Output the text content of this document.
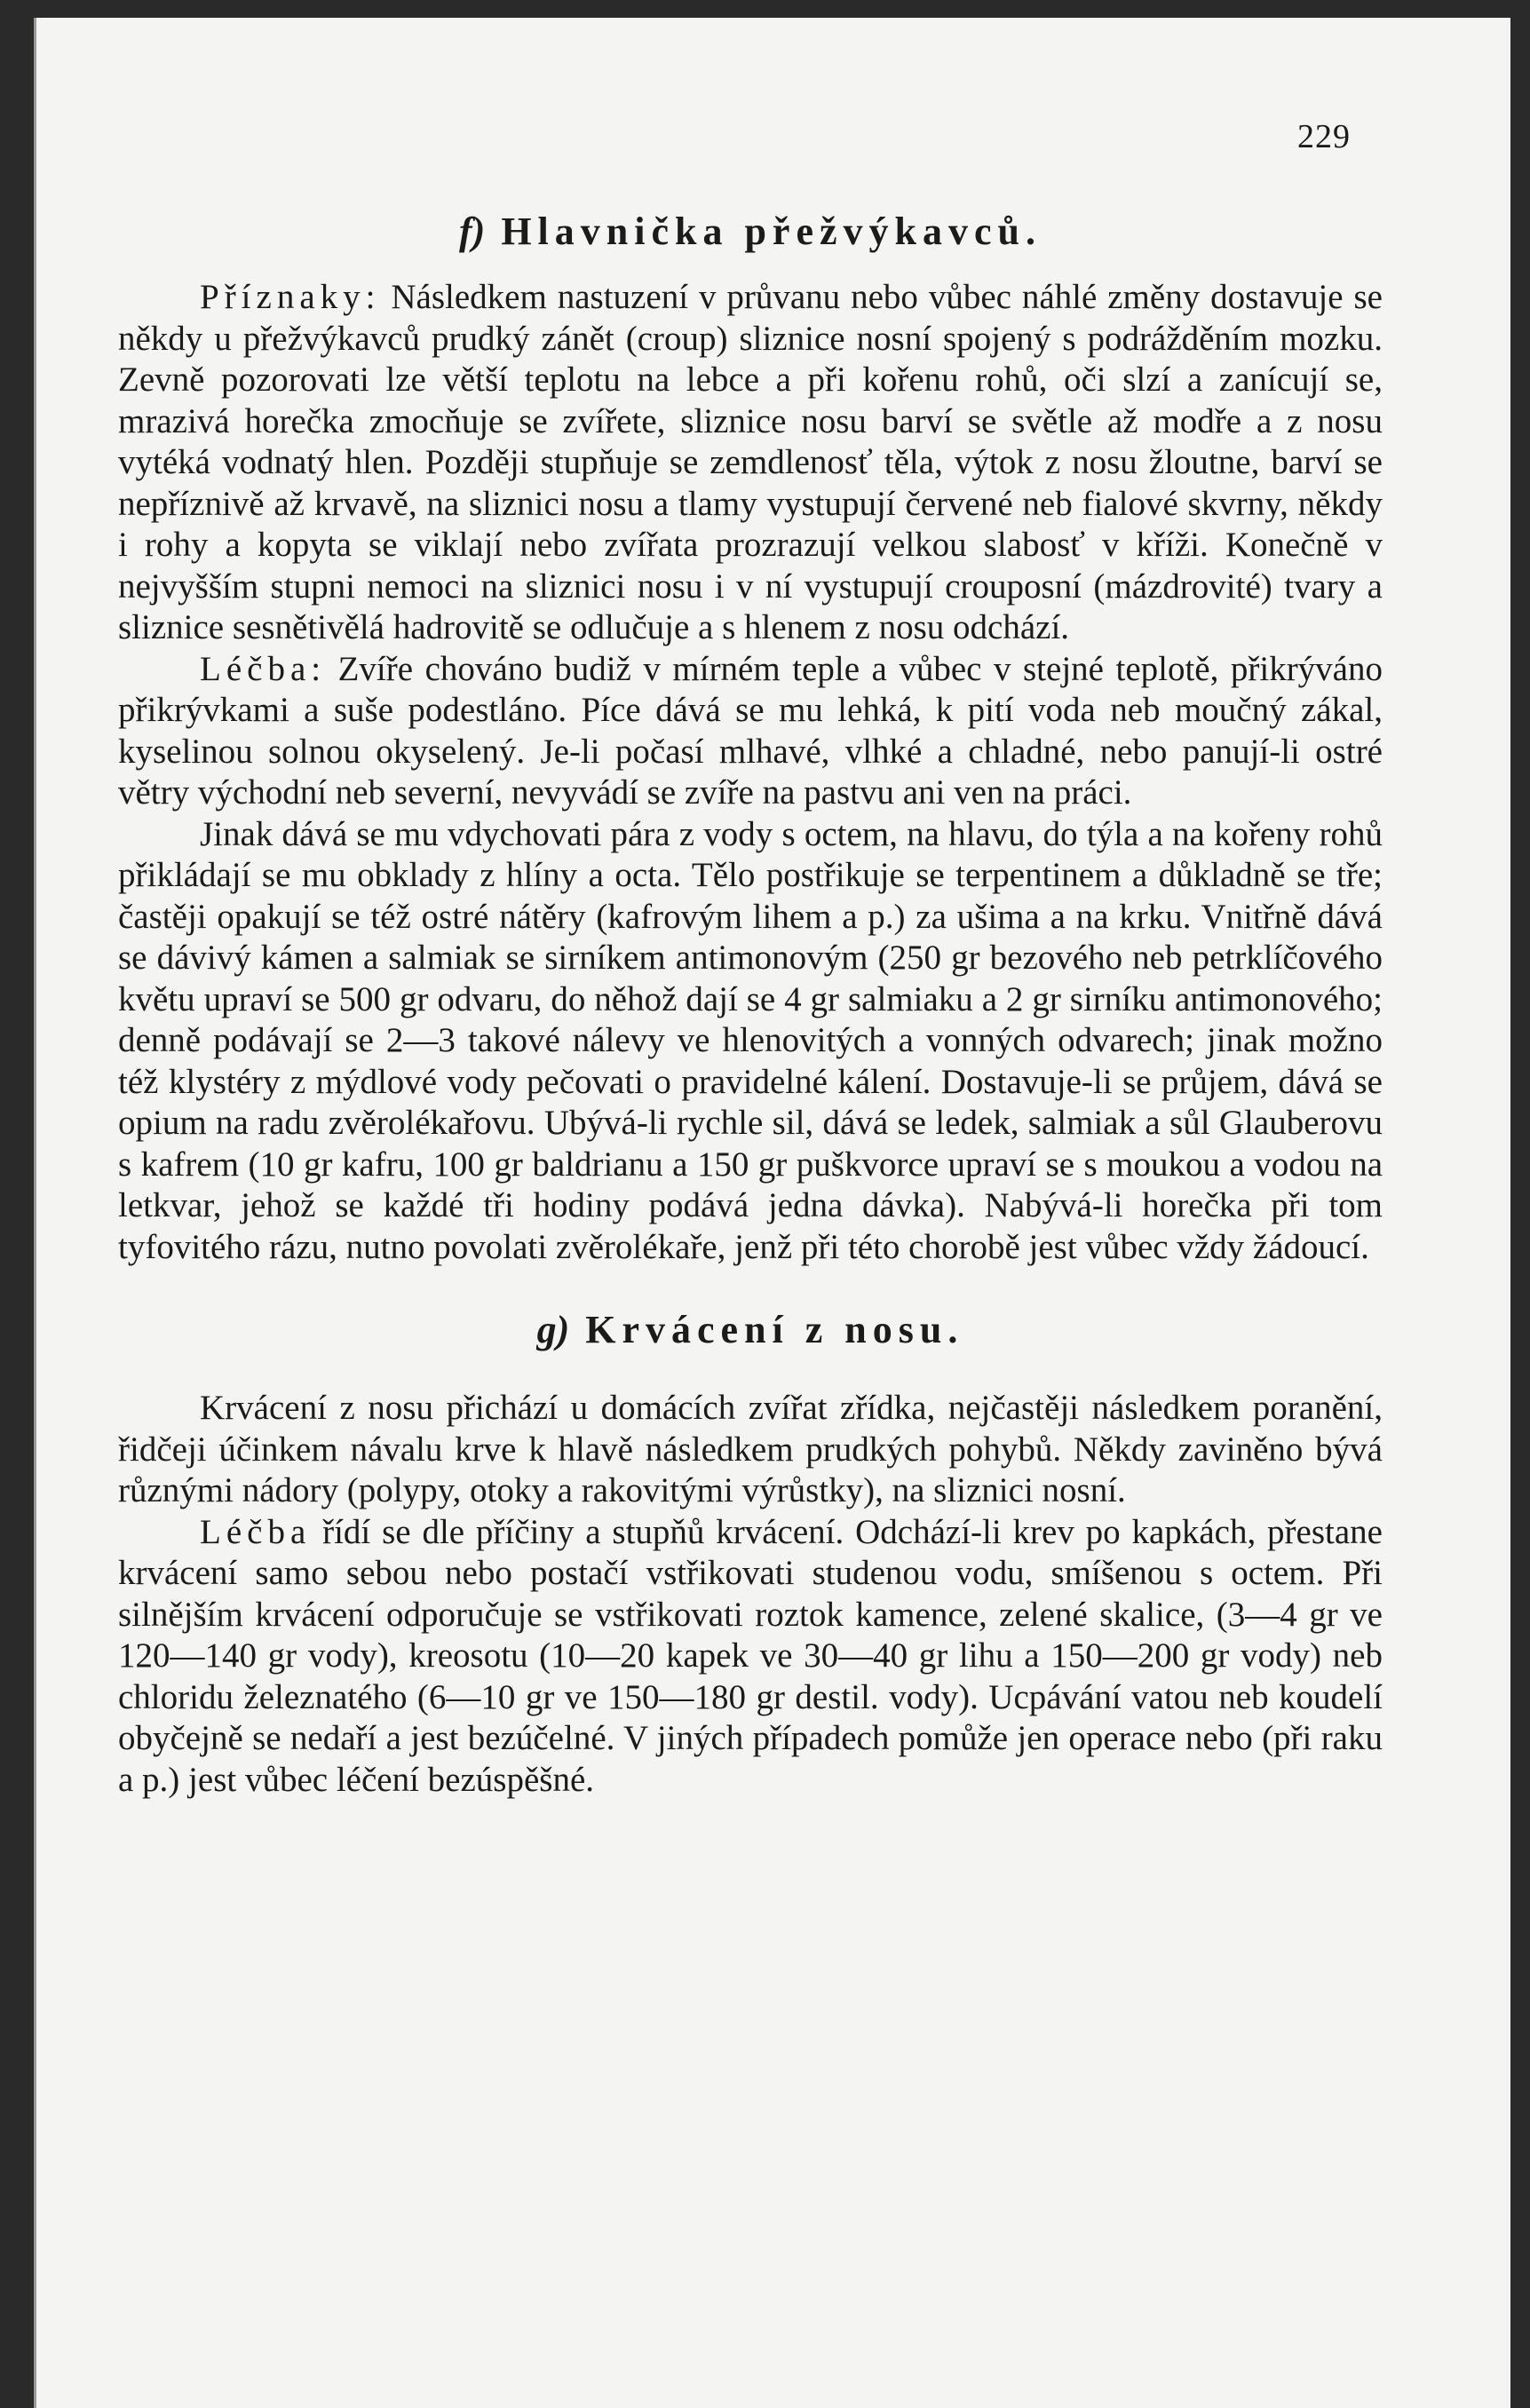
229
f) Hlavnička přežvýkavců.

Příznaky: Následkem nastuzení v průvanu nebo vůbec náhlé změny dostavuje se někdy u přežvýkavců prudký zánět (croup) sliznice nosní spojený s podrážděním mozku. Zevně pozorovati lze větší teplotu na lebce a při kořenu rohů, oči slzí a zanícují se, mrazivá horečka zmocňuje se zvířete, sliznice nosu barví se světle až modře a z nosu vytéká vodnatý hlen. Později stupňuje se zemdlenosť těla, výtok z nosu žloutne, barví se nepříznivě až krvavě, na sliznici nosu a tlamy vystupují červené neb fialové skvrny, někdy i rohy a kopyta se viklají nebo zvířata prozrazují velkou slabosť v kříži. Konečně v nejvyšším stupni nemoci na sliznici nosu i v ní vystupují crouposní (mázdrovité) tvary a sliznice sesnětivělá hadrovitě se odlučuje a s hlenem z nosu odchází.

Léčba: Zvíře chováno budiž v mírném teple a vůbec v stejné teplotě, přikrýváno přikrývkami a suše podestláno. Píce dává se mu lehká, k pití voda neb moučný zákal, kyselinou solnou okyselený. Je-li počasí mlhavé, vlhké a chladné, nebo panují-li ostré větry východní neb severní, nevyvádí se zvíře na pastvu ani ven na práci.

Jinak dává se mu vdychovati pára z vody s octem, na hlavu, do týla a na kořeny rohů přikládají se mu obklady z hlíny a octa. Tělo postřikuje se terpentinem a důkladně se tře; častěji opakují se též ostré nátěry (kafrovým lihem a p.) za ušima a na krku. Vnitřně dává se dávivý kámen a salmiak se sirníkem antimonovým (250 gr bezového neb petrklíčového květu upraví se 500 gr odvaru, do něhož dají se 4 gr salmiaku a 2 gr sirníku antimonového; denně podávají se 2—3 takové nálevy ve hlenovitých a vonných odvarech; jinak možno též klystéry z mýdlové vody pečovati o pravidelné kálení. Dostavuje-li se průjem, dává se opium na radu zvěrolékařovu. Ubývá-li rychle sil, dává se ledek, salmiak a sůl Glauberovu s kafrem (10 gr kafru, 100 gr baldrianu a 150 gr puškvorce upraví se s moukou a vodou na letkvar, jehož se každé tři hodiny podává jedna dávka). Nabývá-li horečka při tom tyfovitého rázu, nutno povolati zvěrolékaře, jenž při této chorobě jest vůbec vždy žádoucí.

g) Krvácení z nosu.

Krvácení z nosu přichází u domácích zvířat zřídka, nejčastěji následkem poranění, řidčeji účinkem návalu krve k hlavě následkem prudkých pohybů. Někdy zaviněno bývá různými nádory (polypy, otoky a rakovitými výrůstky), na sliznici nosní.

Léčba řídí se dle příčiny a stupňů krvácení. Odchází-li krev po kapkách, přestane krvácení samo sebou nebo postačí vstřikovati studenou vodu, smíšenou s octem. Při silnějším krvácení odporučuje se vstřikovati roztok kamence, zelené skalice, (3—4 gr ve 120—140 gr vody), kreosotu (10—20 kapek ve 30—40 gr lihu a 150—200 gr vody) neb chloridu železnatého (6—10 gr ve 150—180 gr destil. vody). Ucpávání vatou neb koudelí obyčejně se nedaří a jest bezúčelné. V jiných případech pomůže jen operace nebo (při raku a p.) jest vůbec léčení bezúspěšné.
